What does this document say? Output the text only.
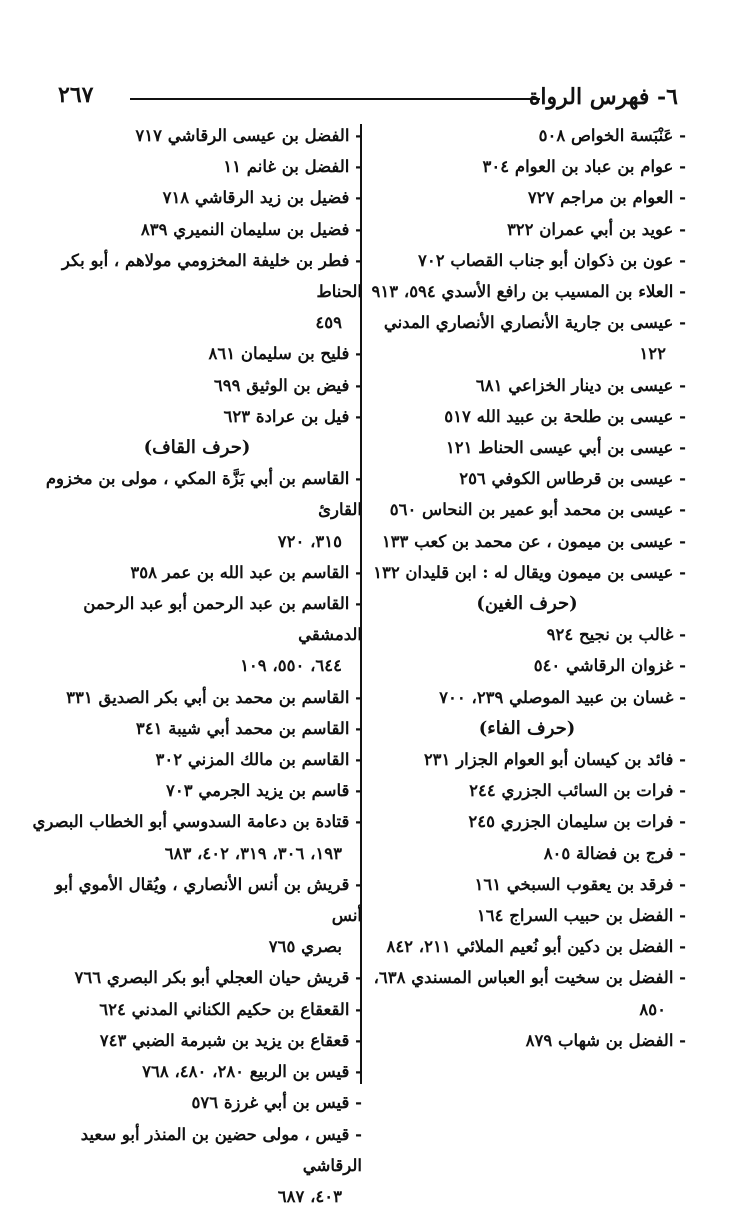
٢٦٧	٦- فهرس الرواة
- عَنْبَسة الخواص ٥٠٨
- عوام بن عباد بن العوام ٣٠٤
- العوام بن مراجم ٧٢٧
- عويد بن أبي عمران ٣٢٢
- عون بن ذكوان أبو جناب القصاب ٧٠٢
- العلاء بن المسيب بن رافع الأسدي ٥٩٤، ٩١٣
- عيسى بن جارية الأنصاري الأنصاري المدني
١٢٢
- عيسى بن دينار الخزاعي ٦٨١
- عيسى بن طلحة بن عبيد الله ٥١٧
- عيسى بن أبي عيسى الحناط ١٢١
- عيسى بن قرطاس الكوفي ٢٥٦
- عيسى بن محمد أبو عمير بن النحاس ٥٦٠
- عيسى بن ميمون ، عن محمد بن كعب ١٣٣
- عيسى بن ميمون ويقال له : ابن قليدان ١٣٢
(حرف الغين)
- غالب بن نجيح ٩٢٤
- غزوان الرقاشي ٥٤٠
- غسان بن عبيد الموصلي ٢٣٩، ٧٠٠
(حرف الفاء)
- فائد بن كيسان أبو العوام الجزار ٢٣١
- فرات بن السائب الجزري ٢٤٤
- فرات بن سليمان الجزري ٢٤٥
- فرج بن فضالة ٨٠٥
- فرقد بن يعقوب السبخي ١٦١
- الفضل بن حبيب السراج ١٦٤
- الفضل بن دكين أبو نُعيم الملائي ٢١١، ٨٤٢
- الفضل بن سخيت أبو العباس المسندي ٦٣٨،
٨٥٠
- الفضل بن شهاب ٨٧٩
- الفضل بن عيسى الرقاشي ٧١٧
- الفضل بن غانم ١١
- فضيل بن زيد الرقاشي ٧١٨
- فضيل بن سليمان النميري ٨٣٩
- فطر بن خليفة المخزومي مولاهم ، أبو بكر الحناط
٤٥٩
- فليح بن سليمان ٨٦١
- فيض بن الوثيق ٦٩٩
- فيل بن عرادة ٦٢٣
(حرف القاف)
- القاسم بن أبي بَزَّة المكي ، مولى بن مخزوم القارئ
٣١٥، ٧٢٠
- القاسم بن عبد الله بن عمر ٣٥٨
- القاسم بن عبد الرحمن أبو عبد الرحمن الدمشقي
٦٤٤، ٥٥٠، ١٠٩
- القاسم بن محمد بن أبي بكر الصديق ٣٣١
- القاسم بن محمد أبي شيبة ٣٤١
- القاسم بن مالك المزني ٣٠٢
- قاسم بن يزيد الجرمي ٧٠٣
- قتادة بن دعامة السدوسي أبو الخطاب البصري
١٩٣، ٣٠٦، ٣١٩، ٤٠٢، ٦٨٣
- قريش بن أنس الأنصاري ، ويُقال الأموي أبو أنس
بصري ٧٦٥
- قريش حيان العجلي أبو بكر البصري ٧٦٦
- القعقاع بن حكيم الكناني المدني ٦٢٤
- قعقاع بن يزيد بن شبرمة الضبي ٧٤٣
- قيس بن الربيع ٢٨٠، ٤٨٠، ٧٦٨
- قيس بن أبي غرزة ٥٧٦
- قيس ، مولى حضين بن المنذر أبو سعيد الرقاشي
٤٠٣، ٦٨٧
